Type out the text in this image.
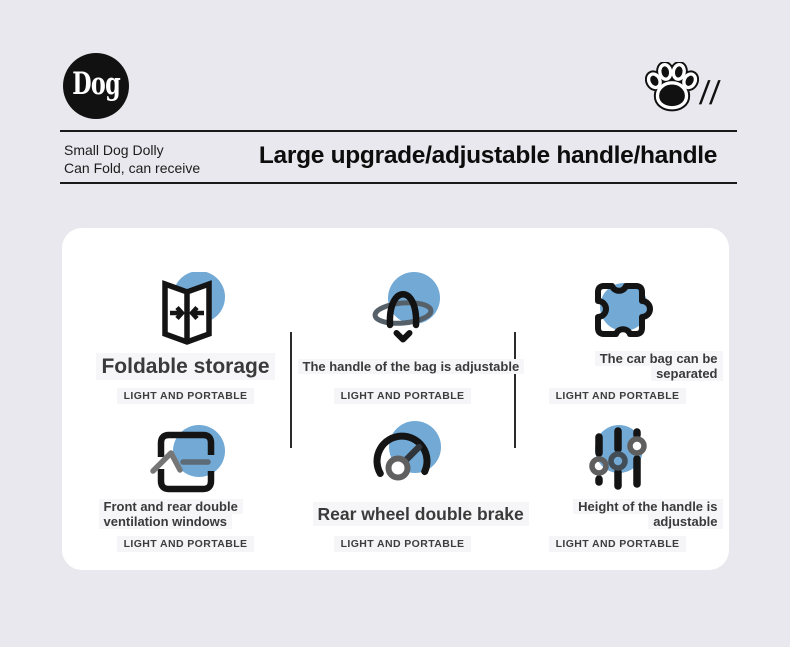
Dog	//
Small Dog Dolly
Can Fold, can receive	Large upgrade/adjustable handle/handle
Foldable storage
LIGHT AND PORTABLE
The handle of the bag is adjustable
LIGHT AND PORTABLE
The car bag can be
separated
LIGHT AND PORTABLE
Front and rear double
ventilation windows
LIGHT AND PORTABLE
Rear wheel double brake
LIGHT AND PORTABLE
Height of the handle is
adjustable
LIGHT AND PORTABLE
